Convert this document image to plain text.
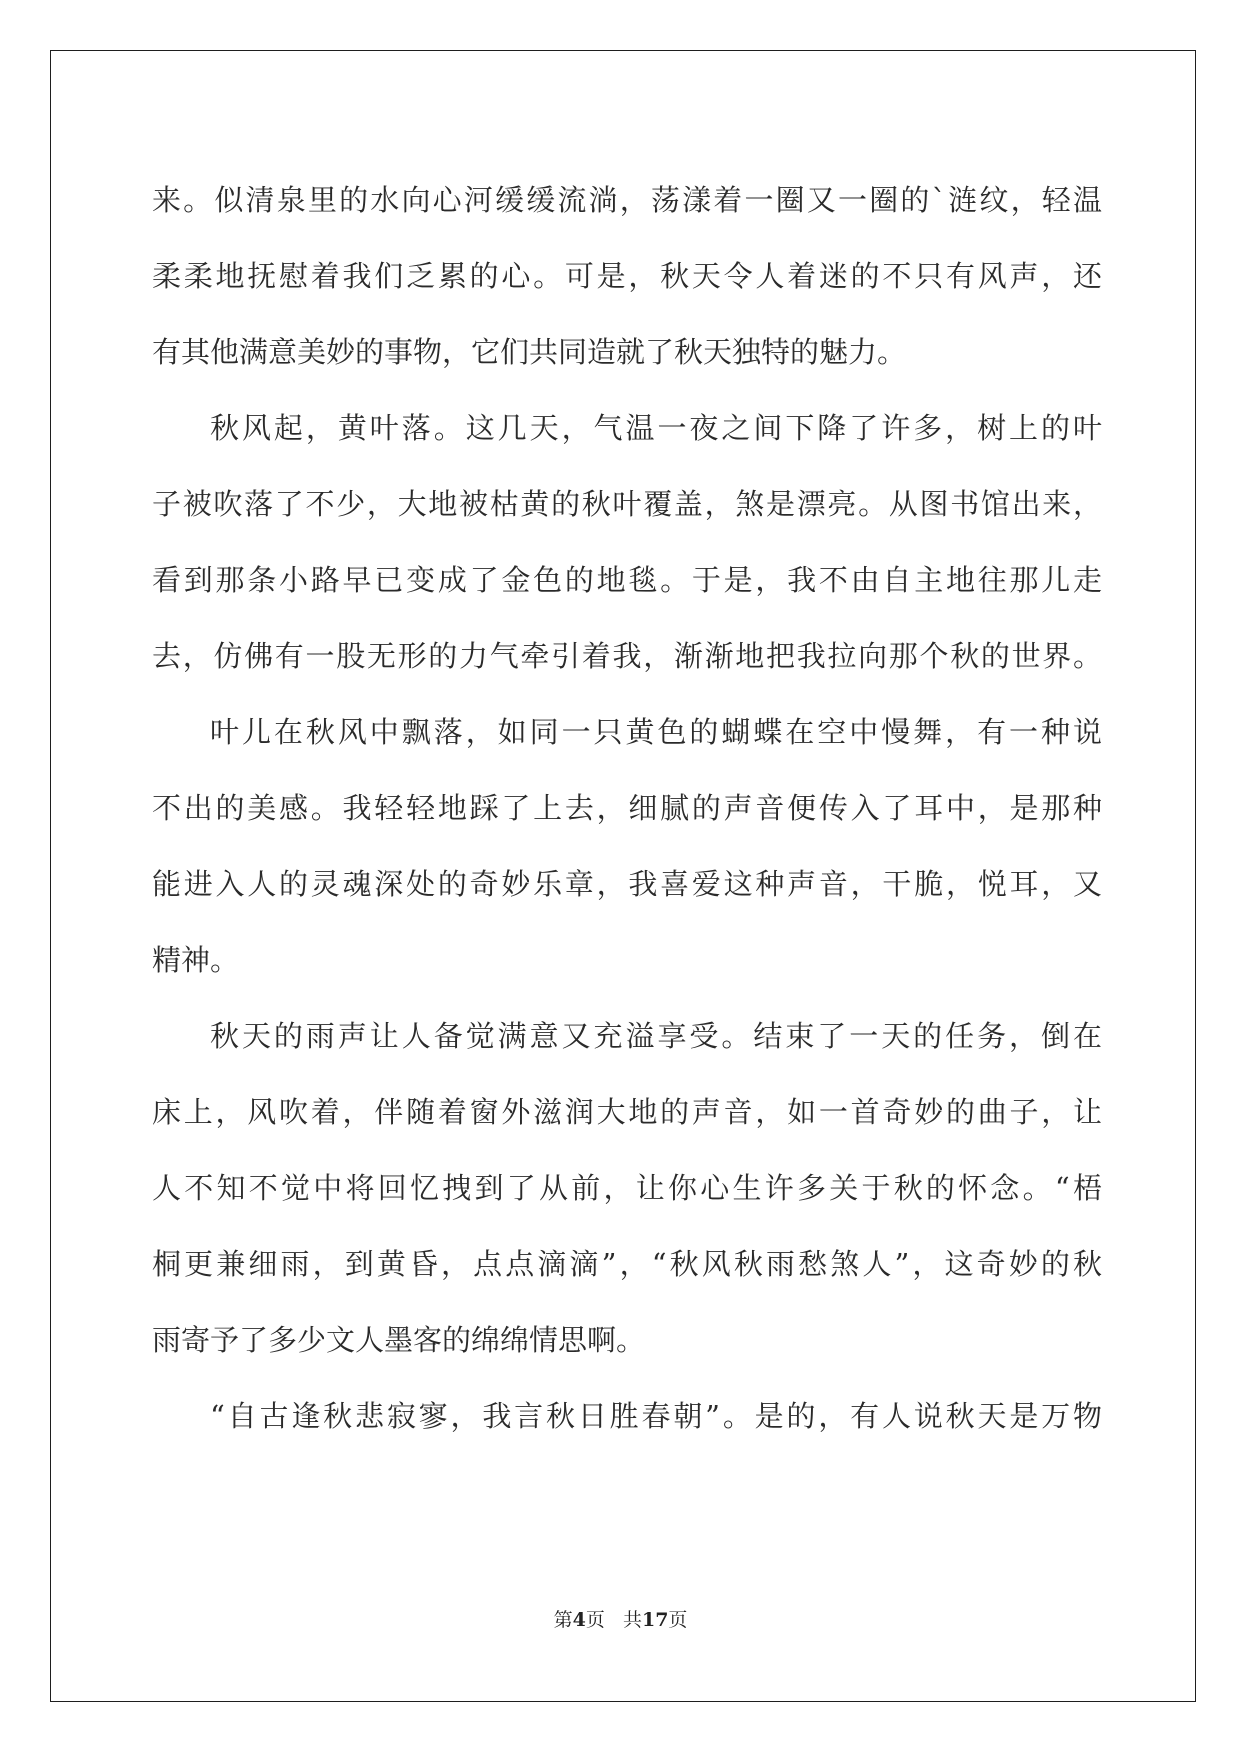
来。似清泉里的水向心河缓缓流淌，荡漾着一圈又一圈的`涟纹，轻温
柔柔地抚慰着我们乏累的心。可是，秋天令人着迷的不只有风声，还
有其他满意美妙的事物，它们共同造就了秋天独特的魅力。
秋风起，黄叶落。这几天，气温一夜之间下降了许多，树上的叶
子被吹落了不少，大地被枯黄的秋叶覆盖，煞是漂亮。从图书馆出来，
看到那条小路早已变成了金色的地毯。于是，我不由自主地往那儿走
去，仿佛有一股无形的力气牵引着我，渐渐地把我拉向那个秋的世界。
叶儿在秋风中飘落，如同一只黄色的蝴蝶在空中慢舞，有一种说
不出的美感。我轻轻地踩了上去，细腻的声音便传入了耳中，是那种
能进入人的灵魂深处的奇妙乐章，我喜爱这种声音，干脆，悦耳，又
精神。
秋天的雨声让人备觉满意又充溢享受。结束了一天的任务，倒在
床上，风吹着，伴随着窗外滋润大地的声音，如一首奇妙的曲子，让
人不知不觉中将回忆拽到了从前，让你心生许多关于秋的怀念。“梧
桐更兼细雨，到黄昏，点点滴滴”，“秋风秋雨愁煞人”，这奇妙的秋
雨寄予了多少文人墨客的绵绵情思啊。
“自古逢秋悲寂寥，我言秋日胜春朝”。是的，有人说秋天是万物
第4页 共17页
